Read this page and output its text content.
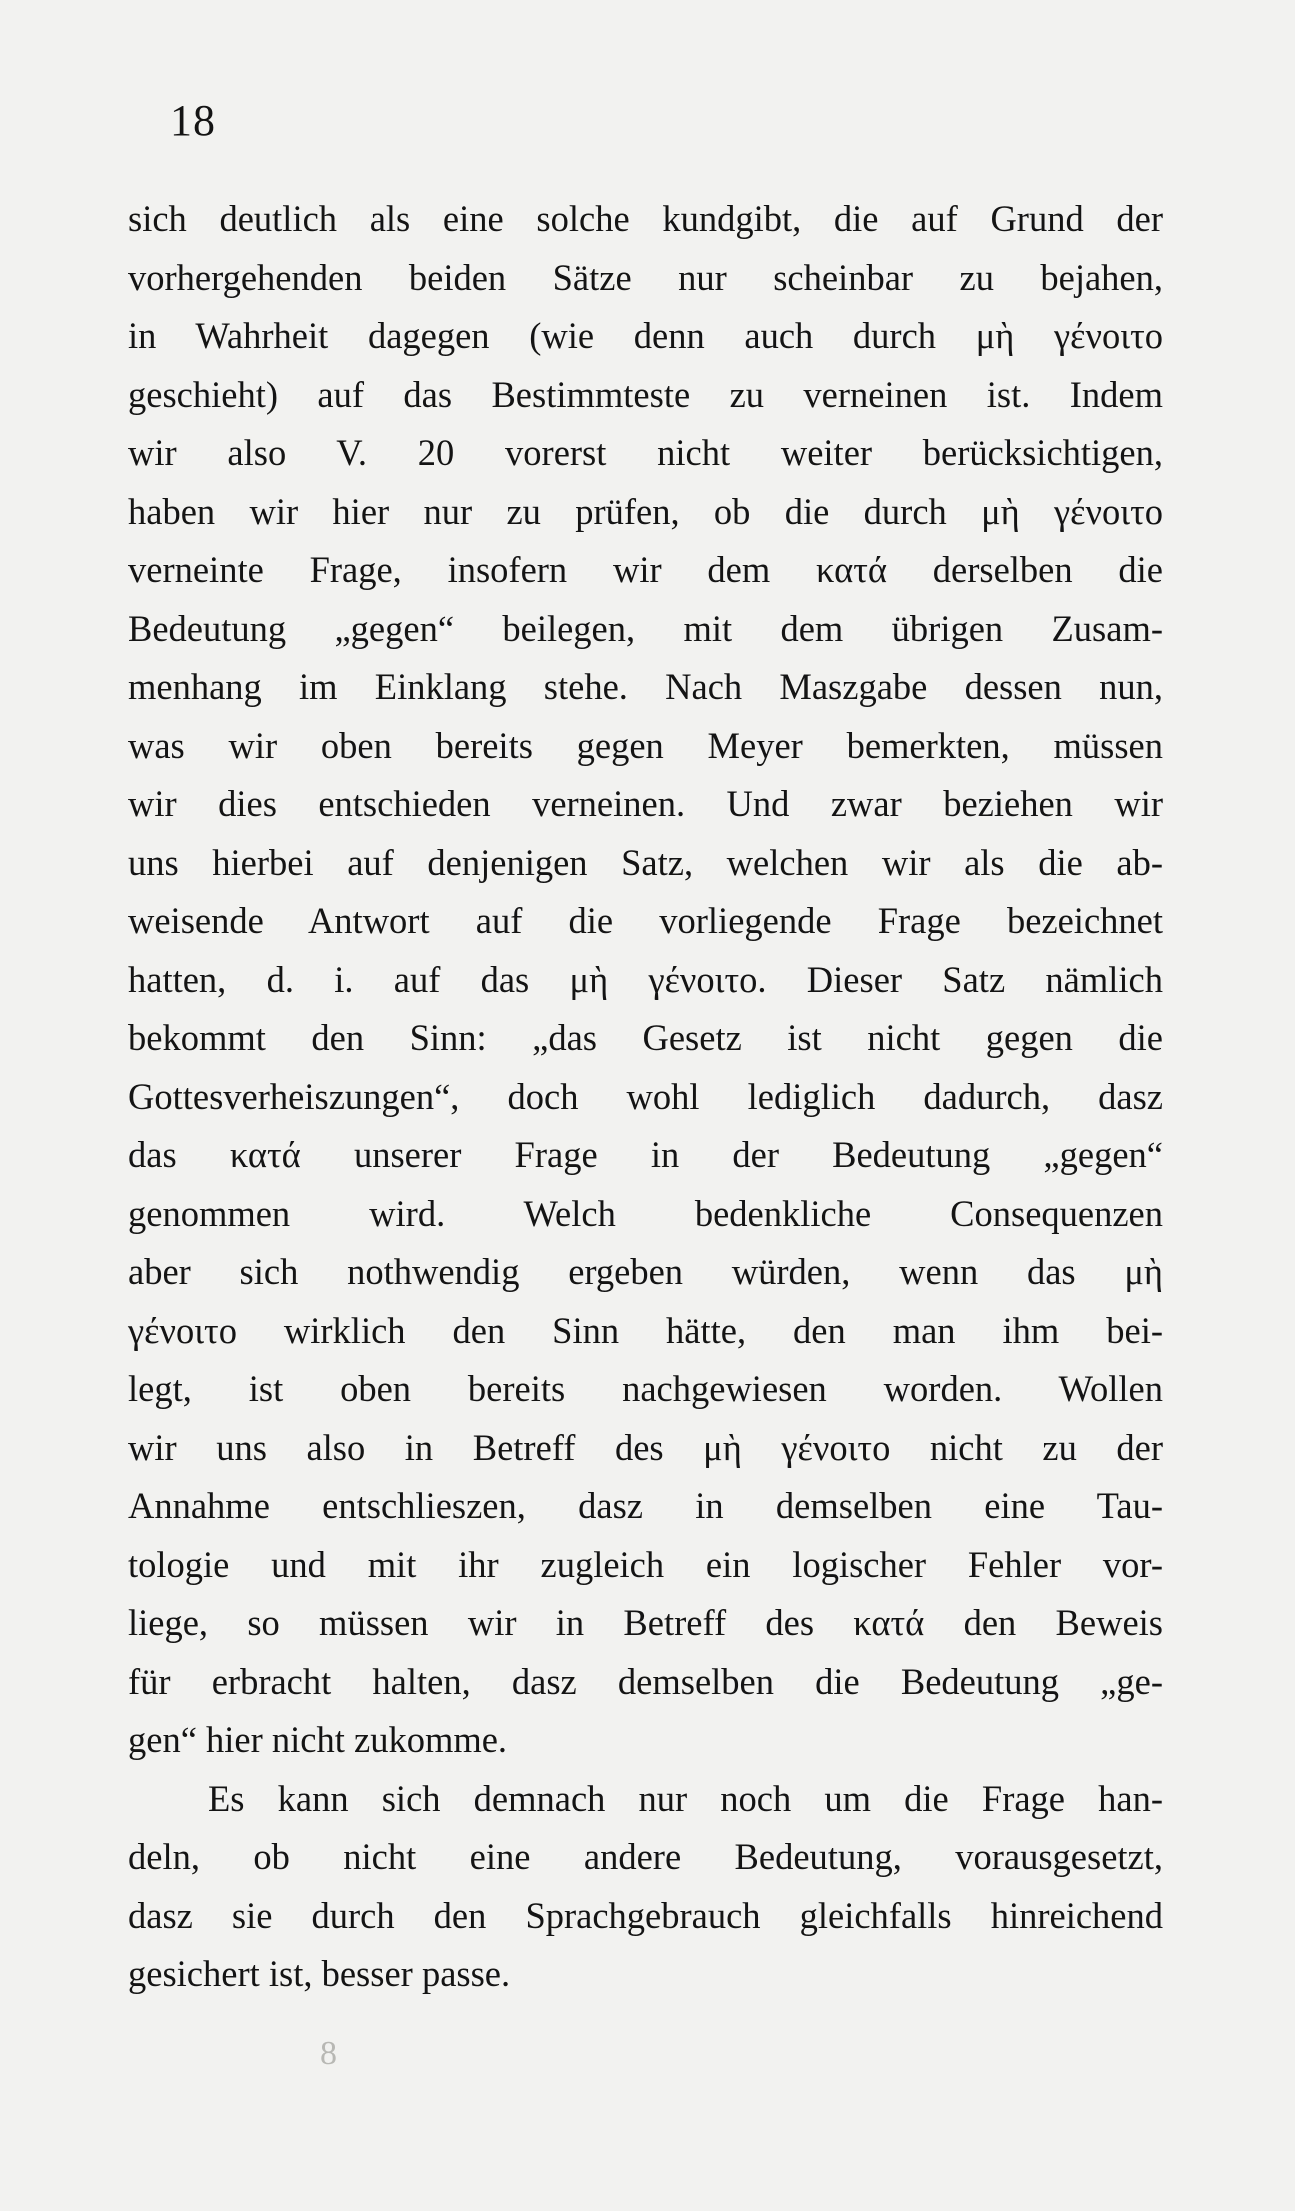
18
sich deutlich als eine solche kundgibt, die auf Grund der
vorhergehenden beiden Sätze nur scheinbar zu bejahen,
in Wahrheit dagegen (wie denn auch durch μὴ γένοιτο
geschieht) auf das Bestimmteste zu verneinen ist. Indem
wir also V. 20 vorerst nicht weiter berücksichtigen,
haben wir hier nur zu prüfen, ob die durch μὴ γένοιτο
verneinte Frage, insofern wir dem κατά derselben die
Bedeutung „gegen“ beilegen, mit dem übrigen Zusam-
menhang im Einklang stehe. Nach Maszgabe dessen nun,
was wir oben bereits gegen Meyer bemerkten, müssen
wir dies entschieden verneinen. Und zwar beziehen wir
uns hierbei auf denjenigen Satz, welchen wir als die ab-
weisende Antwort auf die vorliegende Frage bezeichnet
hatten, d. i. auf das μὴ γένοιτο. Dieser Satz nämlich
bekommt den Sinn: „das Gesetz ist nicht gegen die
Gottesverheiszungen“, doch wohl lediglich dadurch, dasz
das κατά unserer Frage in der Bedeutung „gegen“
genommen wird. Welch bedenkliche Consequenzen
aber sich nothwendig ergeben würden, wenn das μὴ
γένοιτο wirklich den Sinn hätte, den man ihm bei-
legt, ist oben bereits nachgewiesen worden. Wollen
wir uns also in Betreff des μὴ γένοιτο nicht zu der
Annahme entschlieszen, dasz in demselben eine Tau-
tologie und mit ihr zugleich ein logischer Fehler vor-
liege, so müssen wir in Betreff des κατά den Beweis
für erbracht halten, dasz demselben die Bedeutung „ge-
gen“ hier nicht zukomme.
Es kann sich demnach nur noch um die Frage han-
deln, ob nicht eine andere Bedeutung, vorausgesetzt,
dasz sie durch den Sprachgebrauch gleichfalls hinreichend
gesichert ist, besser passe.
8
